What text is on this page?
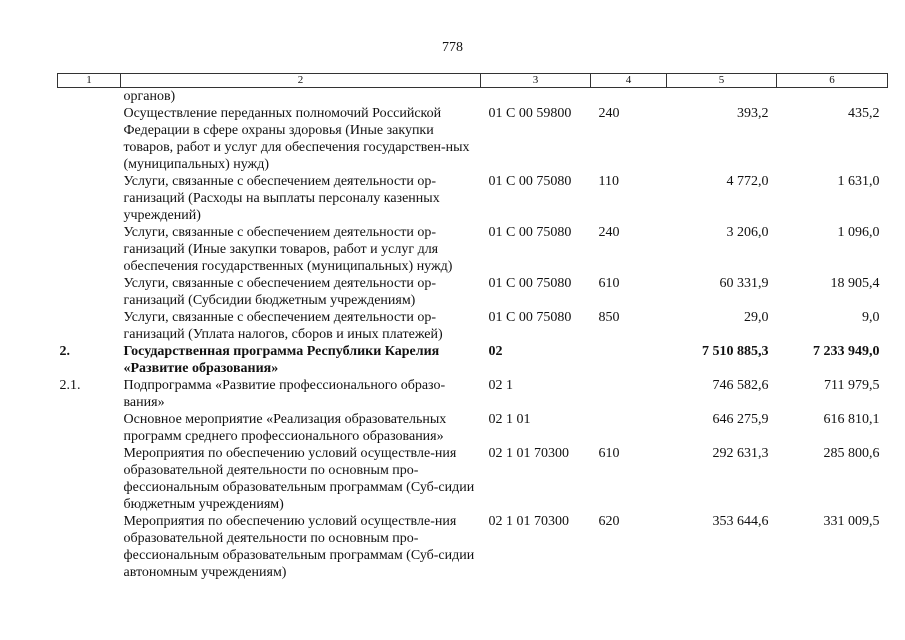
778
1	2	3	4	5	6
	органов)				
	Осуществление переданных полномочий Российской Федерации в сфере охраны здоровья (Иные закупки товаров, работ и услуг для обеспечения государствен-ных (муниципальных) нужд)	01 С 00 59800	240	393,2	435,2
	Услуги, связанные с обеспечением деятельности ор-ганизаций (Расходы на выплаты персоналу казенных учреждений)	01 С 00 75080	110	4 772,0	1 631,0
	Услуги, связанные с обеспечением деятельности ор-ганизаций (Иные закупки товаров, работ и услуг для обеспечения государственных (муниципальных) нужд)	01 С 00 75080	240	3 206,0	1 096,0
	Услуги, связанные с обеспечением деятельности ор-ганизаций (Субсидии бюджетным учреждениям)	01 С 00 75080	610	60 331,9	18 905,4
	Услуги, связанные с обеспечением деятельности ор-ганизаций (Уплата налогов, сборов и иных платежей)	01 С 00 75080	850	29,0	9,0
2.	Государственная программа Республики Карелия «Развитие образования»	02		7 510 885,3	7 233 949,0
2.1.	Подпрограмма «Развитие профессионального образо-вания»	02 1		746 582,6	711 979,5
	Основное мероприятие «Реализация образовательных программ среднего профессионального образования»	02 1 01		646 275,9	616 810,1
	Мероприятия по обеспечению условий осуществле-ния образовательной деятельности по основным про-фессиональным образовательным программам (Суб-сидии бюджетным учреждениям)	02 1 01 70300	610	292 631,3	285 800,6
	Мероприятия по обеспечению условий осуществле-ния образовательной деятельности по основным про-фессиональным образовательным программам (Суб-сидии автономным учреждениям)	02 1 01 70300	620	353 644,6	331 009,5
